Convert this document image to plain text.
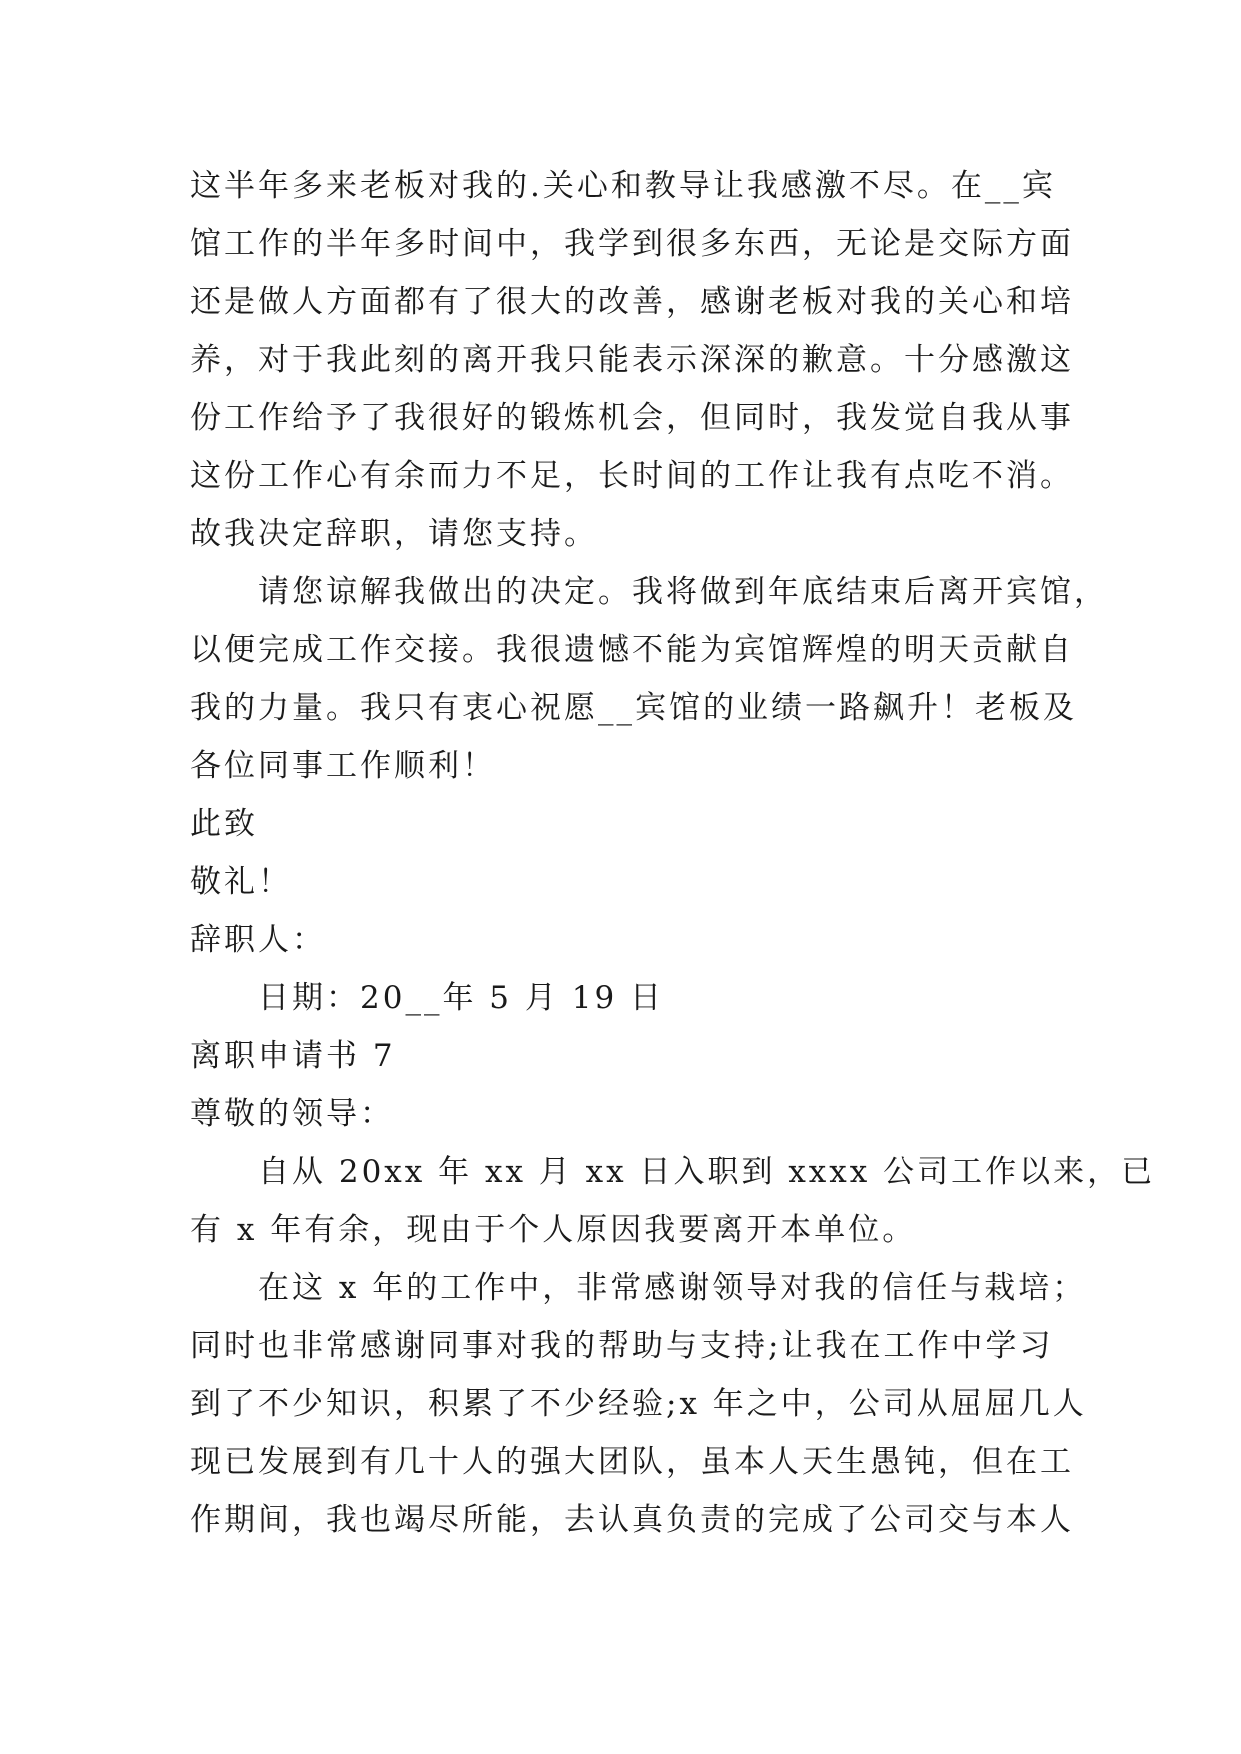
这半年多来老板对我的.关心和教导让我感激不尽。在__宾
馆工作的半年多时间中，我学到很多东西，无论是交际方面
还是做人方面都有了很大的改善，感谢老板对我的关心和培
养，对于我此刻的离开我只能表示深深的歉意。十分感激这
份工作给予了我很好的锻炼机会，但同时，我发觉自我从事
这份工作心有余而力不足，长时间的工作让我有点吃不消。
故我决定辞职，请您支持。
请您谅解我做出的决定。我将做到年底结束后离开宾馆，
以便完成工作交接。我很遗憾不能为宾馆辉煌的明天贡献自
我的力量。我只有衷心祝愿__宾馆的业绩一路飙升！老板及
各位同事工作顺利！
此致
敬礼！
辞职人：
日期：20__年 5 月 19 日
离职申请书 7
尊敬的领导：
自从 20xx 年 xx 月 xx 日入职到 xxxx 公司工作以来，已
有 x 年有余，现由于个人原因我要离开本单位。
在这 x 年的工作中，非常感谢领导对我的信任与栽培；
同时也非常感谢同事对我的帮助与支持;让我在工作中学习
到了不少知识，积累了不少经验;x 年之中，公司从屈屈几人
现已发展到有几十人的强大团队，虽本人天生愚钝，但在工
作期间，我也竭尽所能，去认真负责的完成了公司交与本人
